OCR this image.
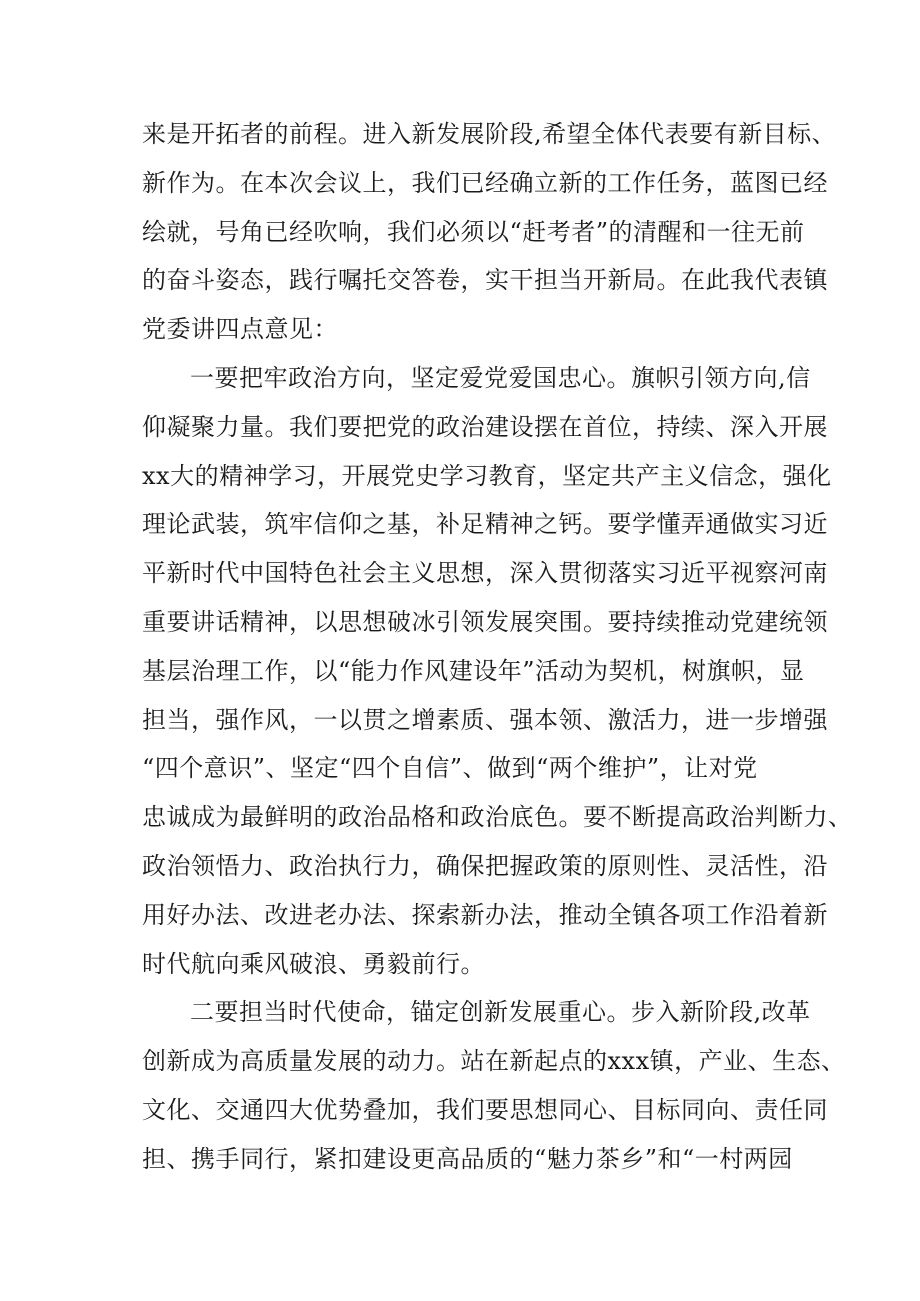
来是开拓者的前程。进入新发展阶段,希望全体代表要有新目标、
新作为。在本次会议上，我们已经确立新的工作任务，蓝图已经
绘就，号角已经吹响，我们必须以“赶考者”的清醒和一往无前
的奋斗姿态，践行嘱托交答卷，实干担当开新局。在此我代表镇
党委讲四点意见：
一要把牢政治方向，坚定爱党爱国忠心。旗帜引领方向,信
仰凝聚力量。我们要把党的政治建设摆在首位，持续、深入开展
xx大的精神学习，开展党史学习教育，坚定共产主义信念，强化
理论武装，筑牢信仰之基，补足精神之钙。要学懂弄通做实习近
平新时代中国特色社会主义思想，深入贯彻落实习近平视察河南
重要讲话精神，以思想破冰引领发展突围。要持续推动党建统领
基层治理工作，以“能力作风建设年”活动为契机，树旗帜，显
担当，强作风，一以贯之增素质、强本领、激活力，进一步增强
“四个意识”、坚定“四个自信”、做到“两个维护”，让对党
忠诚成为最鲜明的政治品格和政治底色。要不断提高政治判断力、
政治领悟力、政治执行力，确保把握政策的原则性、灵活性，沿
用好办法、改进老办法、探索新办法，推动全镇各项工作沿着新
时代航向乘风破浪、勇毅前行。
二要担当时代使命，锚定创新发展重心。步入新阶段,改革
创新成为高质量发展的动力。站在新起点的xxx镇，产业、生态、
文化、交通四大优势叠加，我们要思想同心、目标同向、责任同
担、携手同行，紧扣建设更高品质的“魅力茶乡”和“一村两园
